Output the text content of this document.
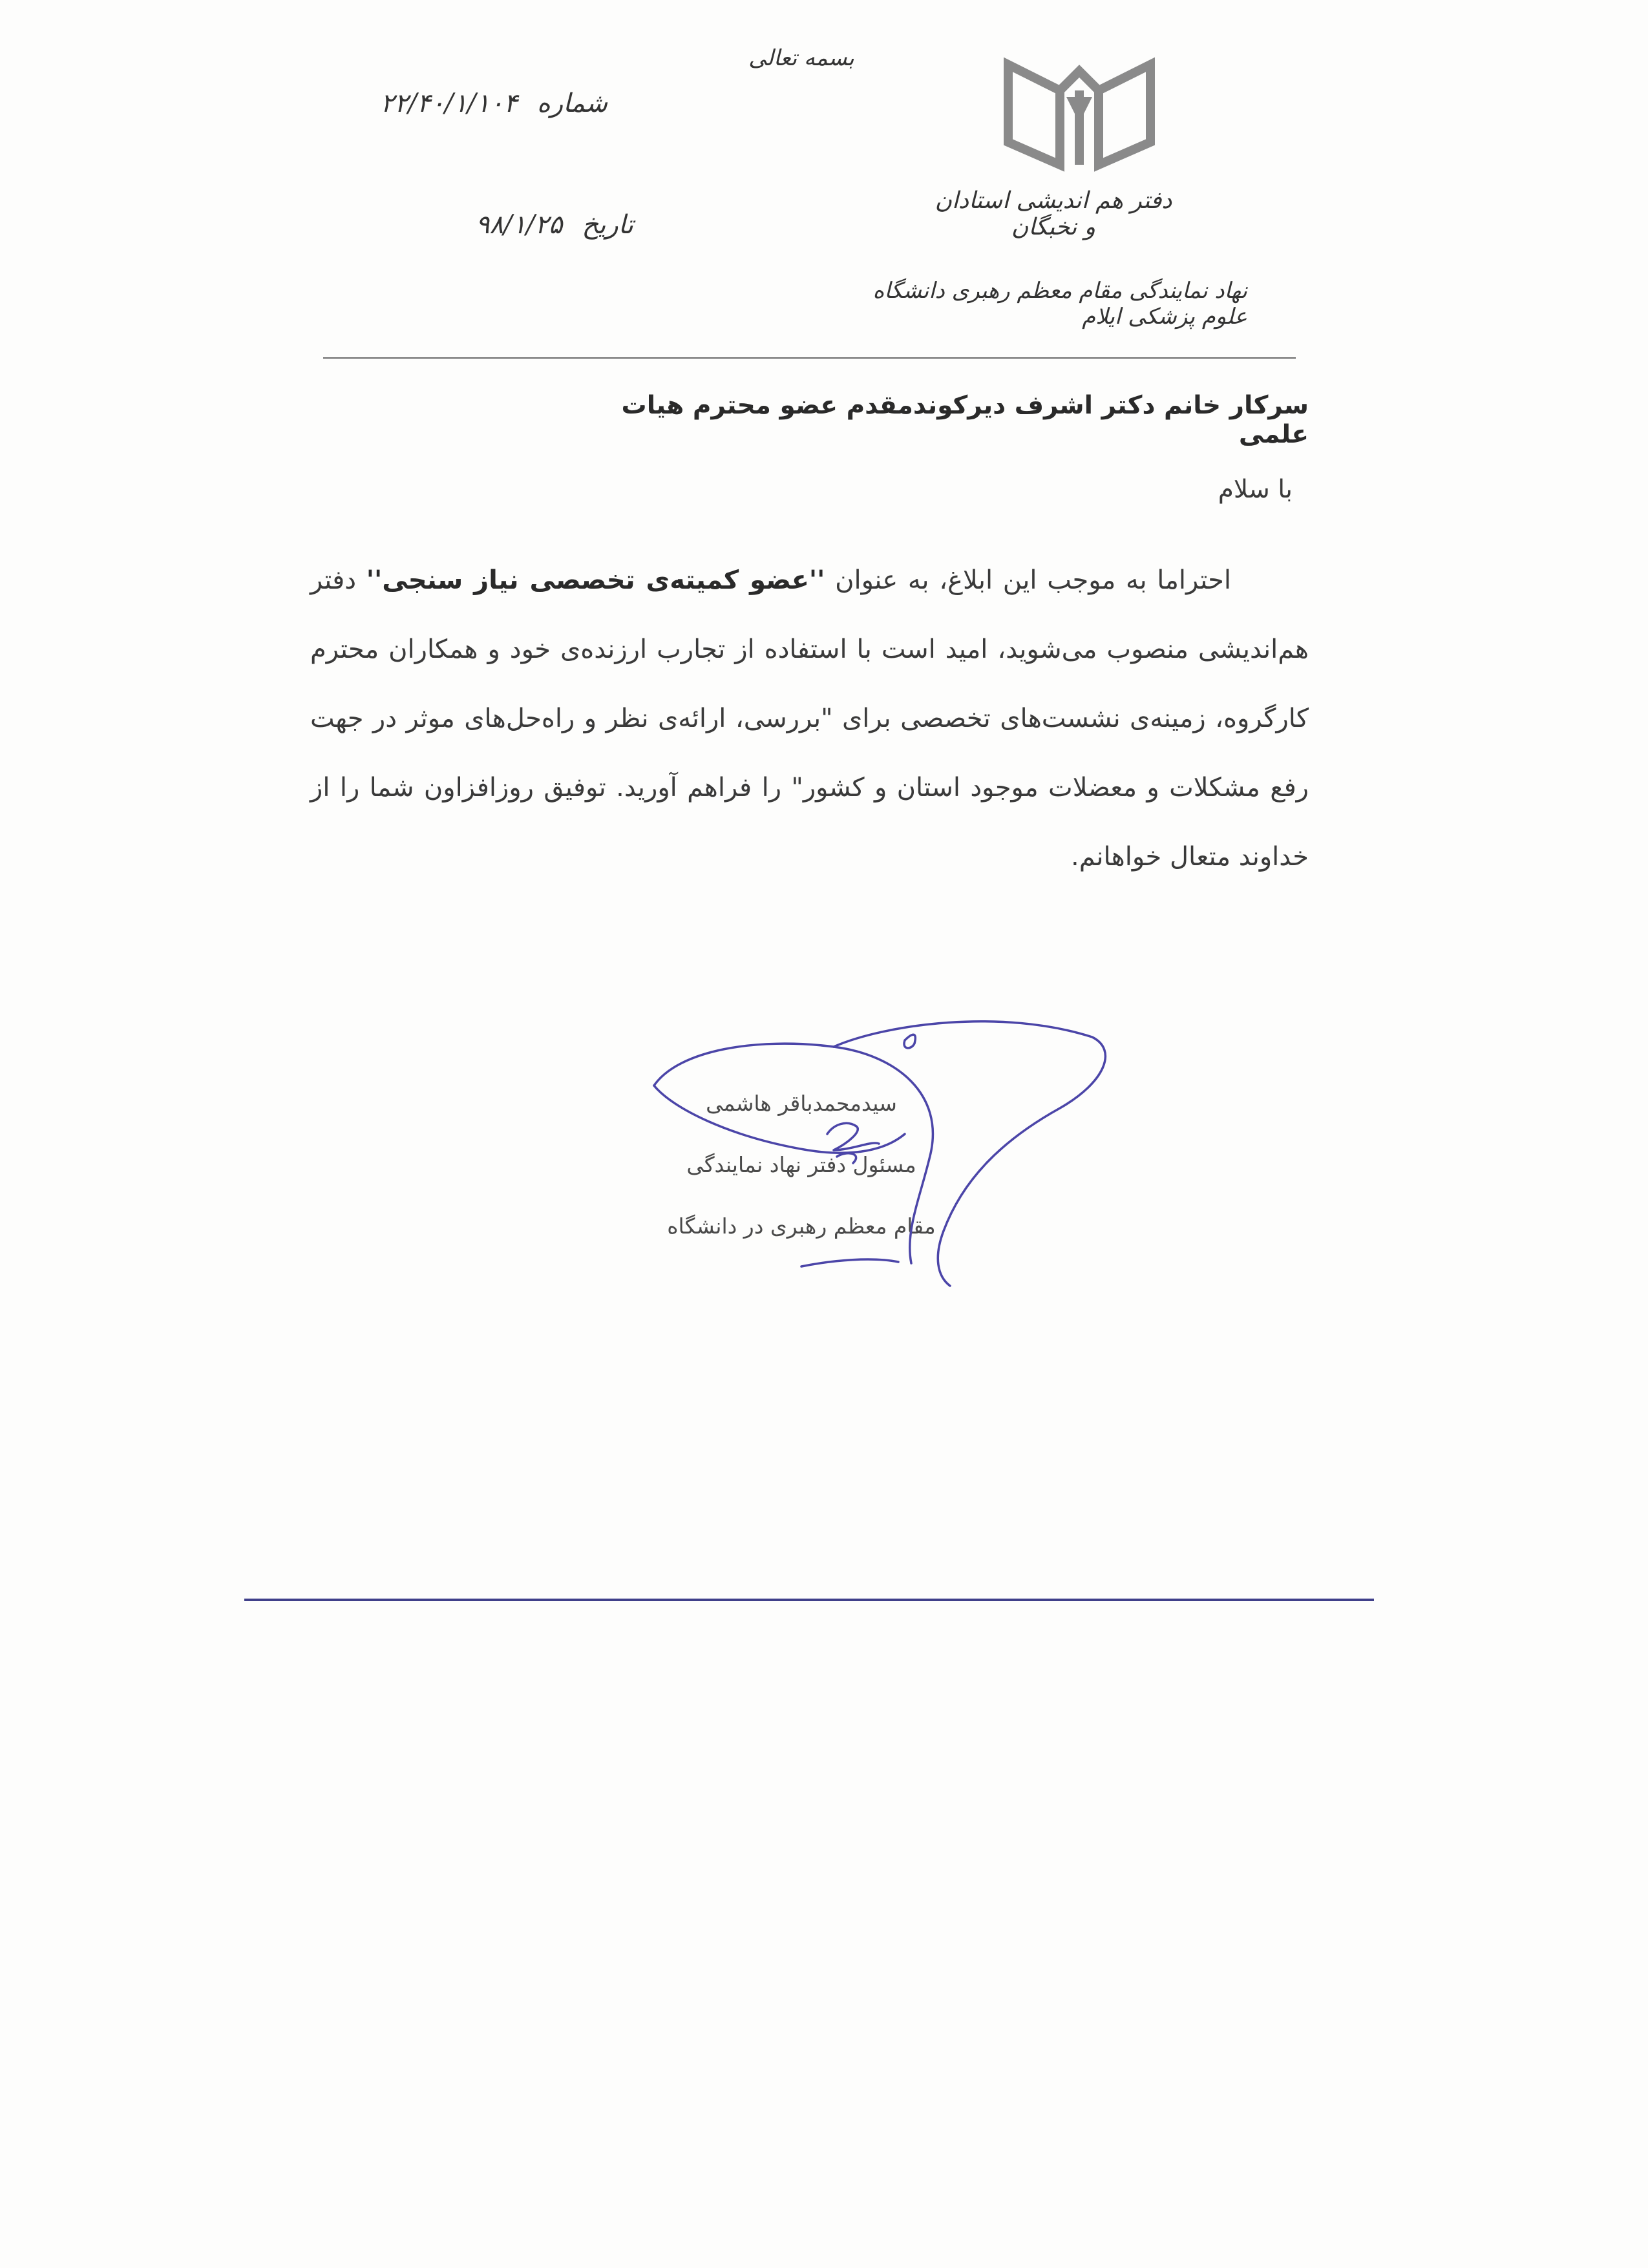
بسمه تعالی
دفتر هم اندیشی استادان و نخبگان
نهاد نمایندگی مقام معظم رهبری دانشگاه علوم پزشکی ایلام
شماره
۲۲/۴۰/۱/۱۰۴
تاریخ
۹۸/۱/۲۵
سرکار خانم دکتر اشرف دیرکوندمقدم عضو محترم هیات علمی
با سلام
احتراما به موجب این ابلاغ، به عنوان ''عضو کمیته‌ی تخصصی نیاز سنجی'' دفتر هم‌اندیشی منصوب می‌شوید، امید است با استفاده از تجارب ارزنده‌ی خود و همکاران محترم کارگروه، زمینه‌ی نشست‌های تخصصی برای "بررسی، ارائه‌ی نظر و راه‌حل‌های موثر در جهت رفع مشکلات و معضلات موجود استان و کشور" را فراهم آورید. توفیق روزافزاون شما را از خداوند متعال خواهانم.
سیدمحمدباقر هاشمی
مسئول دفتر نهاد نمایندگی
مقام معظم رهبری در دانشگاه
